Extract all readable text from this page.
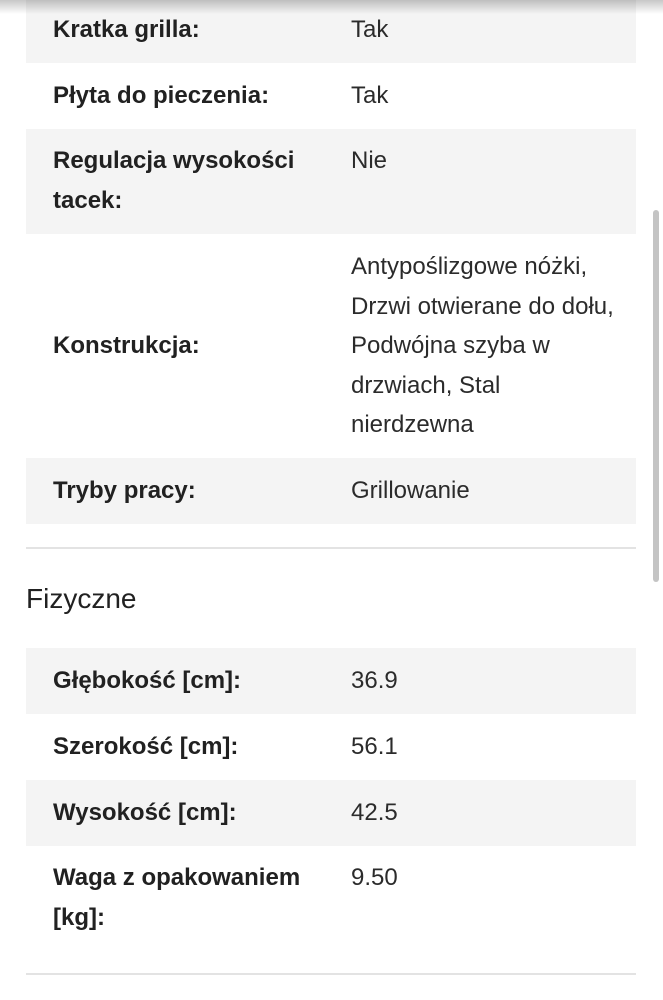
Kratka grilla:	Tak
Płyta do pieczenia:	Tak
Regulacja wysokości tacek:
Nie
Konstrukcja:
Antypoślizgowe nóżki, Drzwi otwierane do dołu, Podwójna szyba w drzwiach, Stal nierdzewna
Tryby pracy:	Grillowanie
Fizyczne
Głębokość [cm]:	36.9
Szerokość [cm]:	56.1
Wysokość [cm]:	42.5
Waga z opakowaniem [kg]:
9.50
